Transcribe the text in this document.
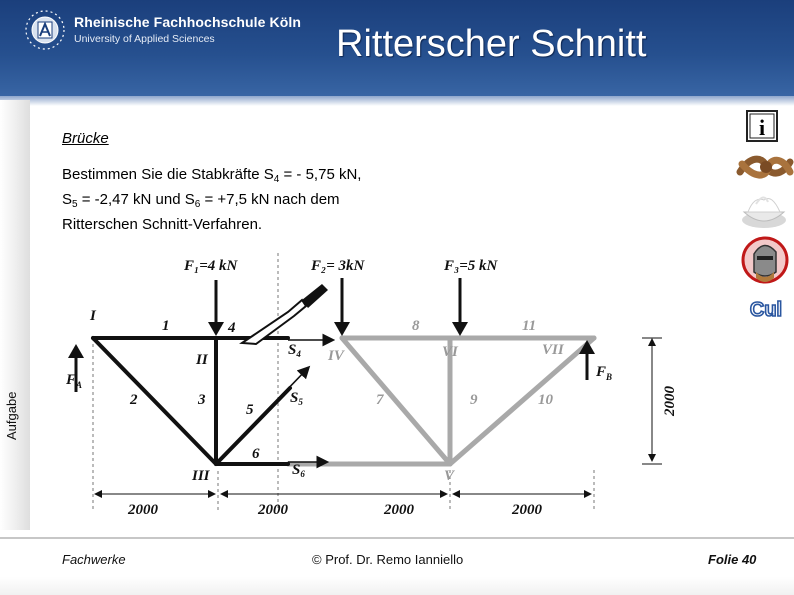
Rheinische Fachhochschule Köln
University of Applied Sciences	Ritterscher Schnitt
Aufgabe
Brücke
Bestimmen Sie die Stabkräfte $S_4$ = - 5,75 kN,
$S_5 = -2,47$ kN und $S_6 = +7,5$ kN nach dem
Ritterschen Schnitt-Verfahren.
i
Cul
F₁=4 kN	F₂= 3kN	F₃=5 kN
$F_A$
$F_B$
I
II
III
IV
V
VI	VII
1
2	3
4
5
6
7
8
9	10
11
$S_4$
$S_5$
$S_6$
2000	2000	2000	2000
2000
Fachwerke	© Prof. Dr. Remo Ianniello	Folie 40
